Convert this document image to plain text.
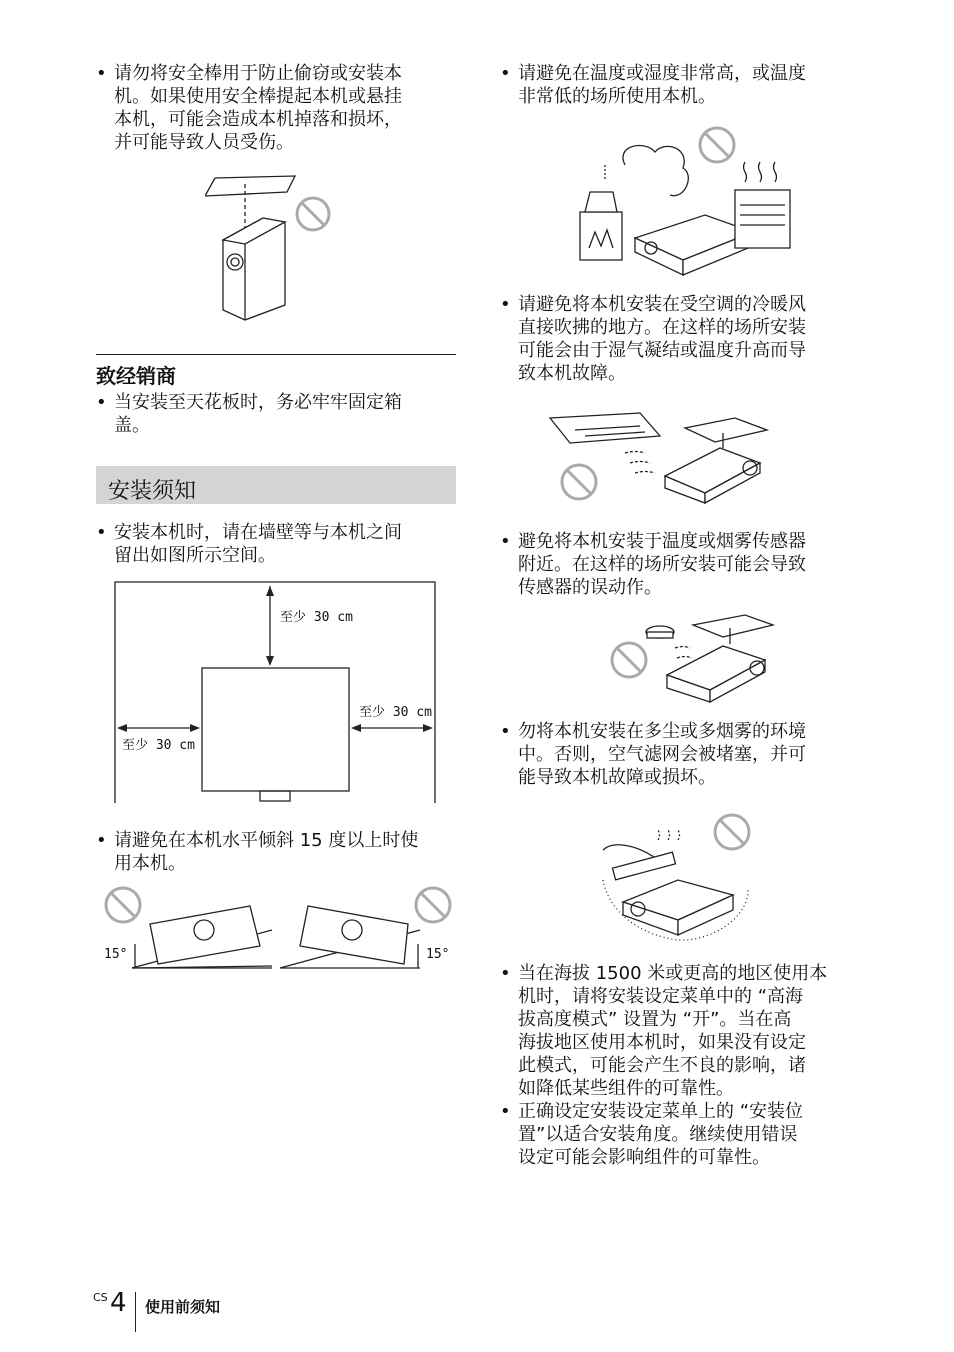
• 请勿将安全棒用于防止偷窃或安装本
机。如果使用安全棒提起本机或悬挂
本机，可能会造成本机掉落和损坏，
并可能导致人员受伤。
致经销商
• 当安装至天花板时，务必牢牢固定箱
盖。
安装须知
• 安装本机时，请在墙壁等与本机之间
留出如图所示空间。
至少 30 cm
至少 30 cm
至少 30 cm
• 请避免在本机水平倾斜 15 度以上时使
用本机。
15°	15°
• 请避免在温度或湿度非常高，或温度
非常低的场所使用本机。
• 请避免将本机安装在受空调的冷暖风
直接吹拂的地方。在这样的场所安装
可能会由于湿气凝结或温度升高而导
致本机故障。
• 避免将本机安装于温度或烟雾传感器
附近。在这样的场所安装可能会导致
传感器的误动作。
• 勿将本机安装在多尘或多烟雾的环境
中。否则，空气滤网会被堵塞，并可
能导致本机故障或损坏。
• 当在海拔 1500 米或更高的地区使用本
机时，请将安装设定菜单中的 “高海
拔高度模式” 设置为 “开”。当在高
海拔地区使用本机时，如果没有设定
此模式，可能会产生不良的影响，诸
如降低某些组件的可靠性。
• 正确设定安装设定菜单上的 “安装位
置”以适合安装角度。继续使用错误
设定可能会影响组件的可靠性。
CS 4 使用前须知
